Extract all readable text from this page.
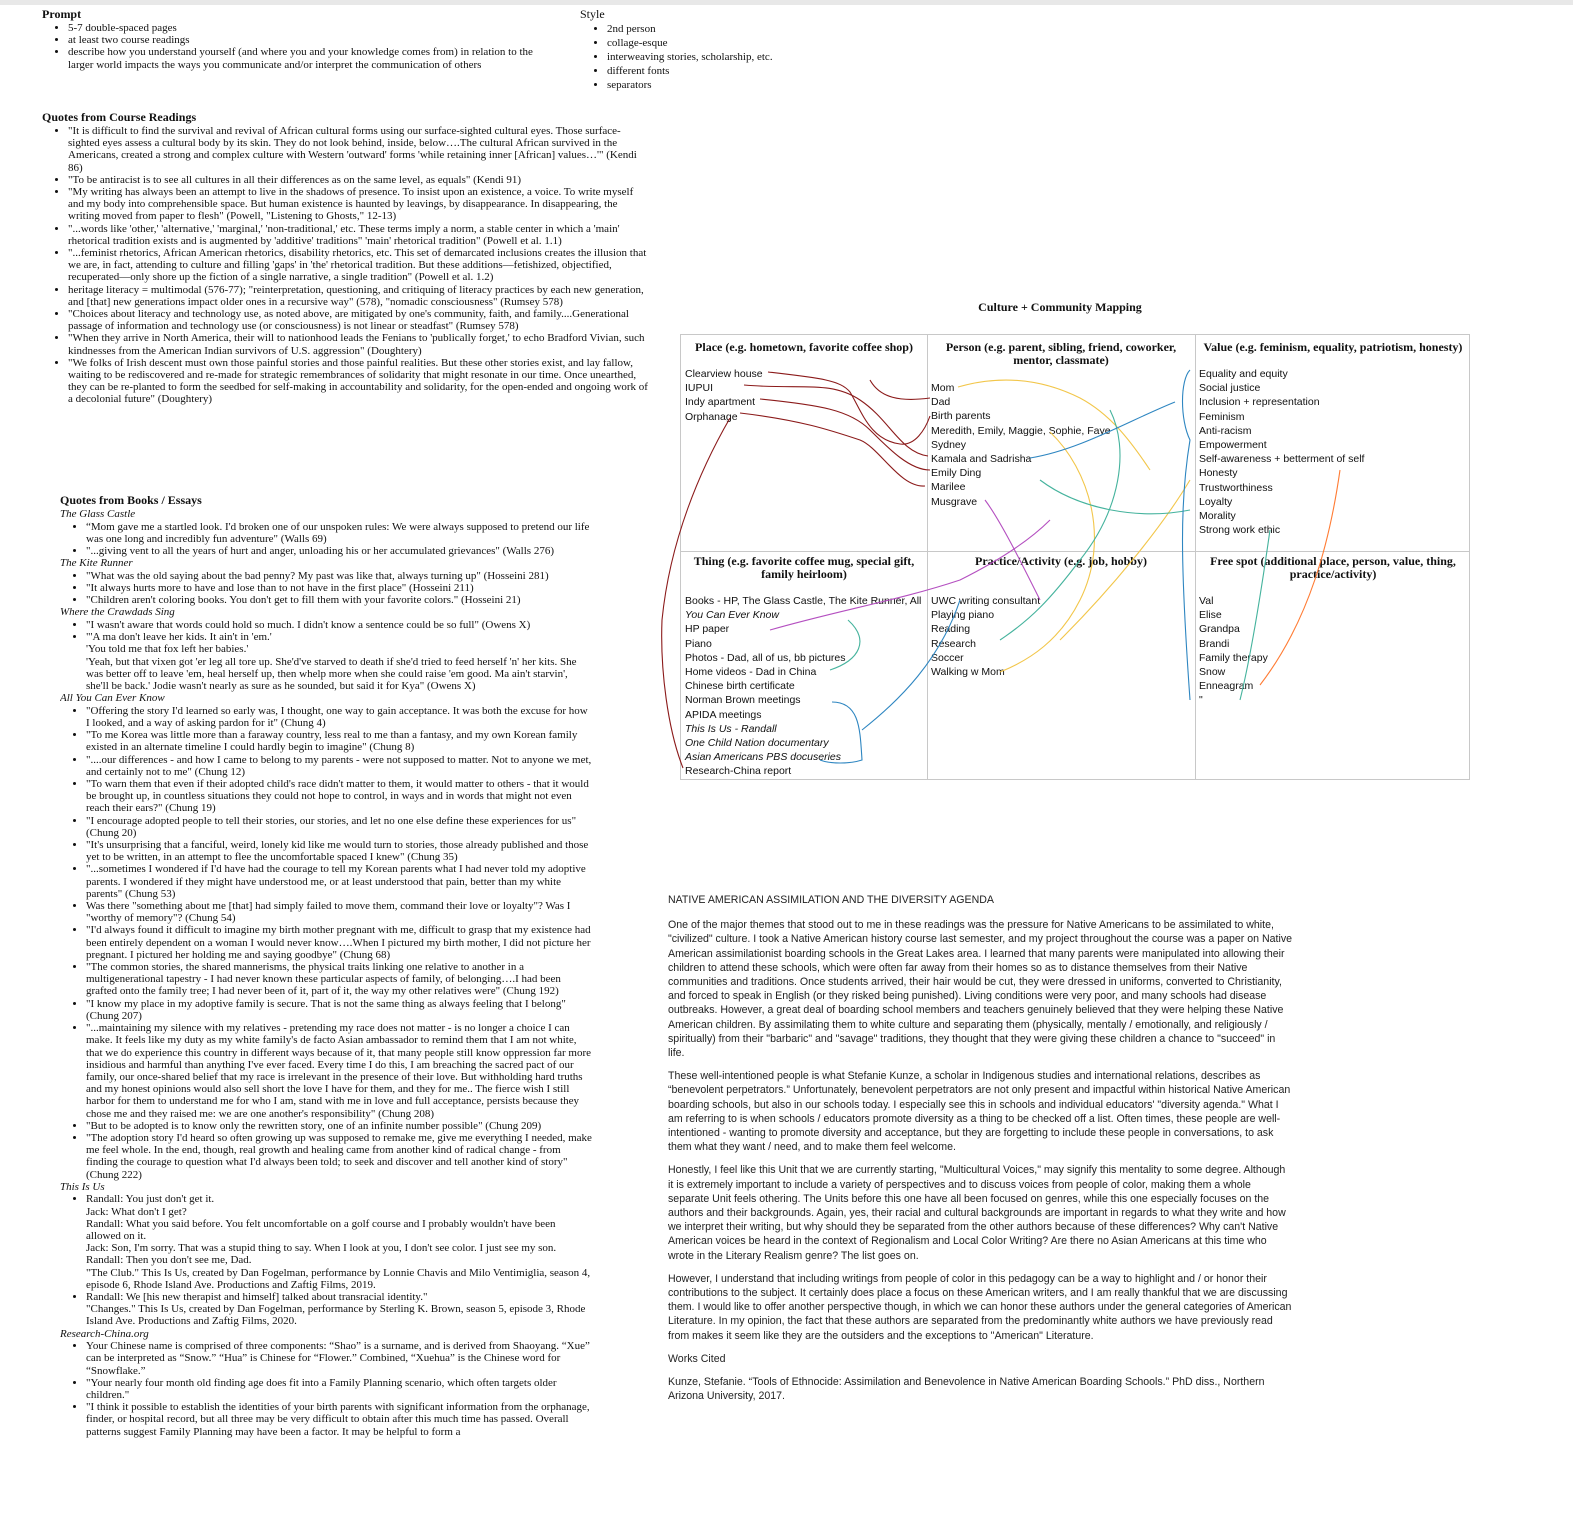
Prompt
• 5-7 double-spaced pages
• at least two course readings
• describe how you understand yourself (and where you and your knowledge comes from) in relation to the larger world impacts the ways you communicate and/or interpret the communication of others
Style
• 2nd person
• collage-esque
• interweaving stories, scholarship, etc.
• different fonts
• separators
Quotes from Course Readings
• "It is difficult to find the survival and revival of African cultural forms using our surface-sighted cultural eyes. Those surface-sighted eyes assess a cultural body by its skin. They do not look behind, inside, below….The cultural African survived in the Americans, created a strong and complex culture with Western 'outward' forms 'while retaining inner [African] values…'" (Kendi 86)
• "To be antiracist is to see all cultures in all their differences as on the same level, as equals" (Kendi 91)
• "My writing has always been an attempt to live in the shadows of presence. To insist upon an existence, a voice. To write myself and my body into comprehensible space. But human existence is haunted by leavings, by disappearance. In disappearing, the writing moved from paper to flesh" (Powell, "Listening to Ghosts," 12-13)
• "...words like 'other,' 'alternative,' 'marginal,' 'non-traditional,' etc. These terms imply a norm, a stable center in which a 'main' rhetorical tradition exists and is augmented by 'additive' traditions" 'main' rhetorical tradition" (Powell et al. 1.1)
• "...feminist rhetorics, African American rhetorics, disability rhetorics, etc. This set of demarcated inclusions creates the illusion that we are, in fact, attending to culture and filling 'gaps' in 'the' rhetorical tradition. But these additions—fetishized, objectified, recuperated—only shore up the fiction of a single narrative, a single tradition" (Powell et al. 1.2)
• heritage literacy = multimodal (576-77); "reinterpretation, questioning, and critiquing of literacy practices by each new generation, and [that] new generations impact older ones in a recursive way" (578), "nomadic consciousness" (Rumsey 578)
• "Choices about literacy and technology use, as noted above, are mitigated by one's community, faith, and family....Generational passage of information and technology use (or consciousness) is not linear or steadfast" (Rumsey 578)
• "When they arrive in North America, their will to nationhood leads the Fenians to 'publically forget,' to echo Bradford Vivian, such kindnesses from the American Indian survivors of U.S. aggression" (Doughtery)
• "We folks of Irish descent must own those painful stories and those painful realities. But these other stories exist, and lay fallow, waiting to be rediscovered and re-made for strategic remembrances of solidarity that might resonate in our time. Once unearthed, they can be re-planted to form the seedbed for self-making in accountability and solidarity, for the open-ended and ongoing work of a decolonial future" (Doughtery)
Quotes from Books / Essays
The Glass Castle
• “Mom gave me a startled look. I'd broken one of our unspoken rules: We were always supposed to pretend our life was one long and incredibly fun adventure" (Walls 69)
• "...giving vent to all the years of hurt and anger, unloading his or her accumulated grievances" (Walls 276)
The Kite Runner
• "What was the old saying about the bad penny? My past was like that, always turning up" (Hosseini 281)
• "It always hurts more to have and lose than to not have in the first place" (Hosseini 211)
• "Children aren't coloring books. You don't get to fill them with your favorite colors." (Hosseini 21)
Where the Crawdads Sing
• "I wasn't aware that words could hold so much. I didn't know a sentence could be so full" (Owens X)
• "'A ma don't leave her kids. It ain't in 'em.'
'You told me that fox left her babies.'
'Yeah, but that vixen got 'er leg all tore up. She'd've starved to death if she'd tried to feed herself 'n' her kits. She was better off to leave 'em, heal herself up, then whelp more when she could raise 'em good. Ma ain't starvin', she'll be back.' Jodie wasn't nearly as sure as he sounded, but said it for Kya" (Owens X)
All You Can Ever Know
• "Offering the story I'd learned so early was, I thought, one way to gain acceptance. It was both the excuse for how I looked, and a way of asking pardon for it" (Chung 4)
• "To me Korea was little more than a faraway country, less real to me than a fantasy, and my own Korean family existed in an alternate timeline I could hardly begin to imagine" (Chung 8)
• "....our differences - and how I came to belong to my parents - were not supposed to matter. Not to anyone we met, and certainly not to me" (Chung 12)
• "To warn them that even if their adopted child's race didn't matter to them, it would matter to others - that it would be brought up, in countless situations they could not hope to control, in ways and in words that might not even reach their ears?" (Chung 19)
• "I encourage adopted people to tell their stories, our stories, and let no one else define these experiences for us" (Chung 20)
• "It's unsurprising that a fanciful, weird, lonely kid like me would turn to stories, those already published and those yet to be written, in an attempt to flee the uncomfortable spaced I knew" (Chung 35)
• "...sometimes I wondered if I'd have had the courage to tell my Korean parents what I had never told my adoptive parents. I wondered if they might have understood me, or at least understood that pain, better than my white parents" (Chung 53)
• Was there "something about me [that] had simply failed to move them, command their love or loyalty"? Was I "worthy of memory"? (Chung 54)
• "I'd always found it difficult to imagine my birth mother pregnant with me, difficult to grasp that my existence had been entirely dependent on a woman I would never know….When I pictured my birth mother, I did not picture her pregnant. I pictured her holding me and saying goodbye" (Chung 68)
• "The common stories, the shared mannerisms, the physical traits linking one relative to another in a multigenerational tapestry - I had never known these particular aspects of family, of belonging….I had been grafted onto the family tree; I had never been of it, part of it, the way my other relatives were" (Chung 192)
• "I know my place in my adoptive family is secure. That is not the same thing as always feeling that I belong" (Chung 207)
• "...maintaining my silence with my relatives - pretending my race does not matter - is no longer a choice I can make. It feels like my duty as my white family's de facto Asian ambassador to remind them that I am not white, that we do experience this country in different ways because of it, that many people still know oppression far more insidious and harmful than anything I've ever faced. Every time I do this, I am breaching the sacred pact of our family, our once-shared belief that my race is irrelevant in the presence of their love. But withholding hard truths and my honest opinions would also sell short the love I have for them, and they for me.. The fierce wish I still harbor for them to understand me for who I am, stand with me in love and full acceptance, persists because they chose me and they raised me: we are one another's responsibility" (Chung 208)
• "But to be adopted is to know only the rewritten story, one of an infinite number possible" (Chung 209)
• "The adoption story I'd heard so often growing up was supposed to remake me, give me everything I needed, make me feel whole. In the end, though, real growth and healing came from another kind of radical change - from finding the courage to question what I'd always been told; to seek and discover and tell another kind of story" (Chung 222)
This Is Us
• Randall: You just don't get it.
Jack: What don't I get?
Randall: What you said before. You felt uncomfortable on a golf course and I probably wouldn't have been allowed on it.
Jack: Son, I'm sorry. That was a stupid thing to say. When I look at you, I don't see color. I just see my son.
Randall: Then you don't see me, Dad.
"The Club." This Is Us, created by Dan Fogelman, performance by Lonnie Chavis and Milo Ventimiglia, season 4, episode 6, Rhode Island Ave. Productions and Zaftig Films, 2019.
• Randall: We [his new therapist and himself] talked about transracial identity."
"Changes." This Is Us, created by Dan Fogelman, performance by Sterling K. Brown, season 5, episode 3, Rhode Island Ave. Productions and Zaftig Films, 2020.
Research-China.org
• Your Chinese name is comprised of three components: “Shao” is a surname, and is derived from Shaoyang. “Xue” can be interpreted as “Snow.” “Hua” is Chinese for “Flower.” Combined, “Xuehua” is the Chinese word for “Snowflake.”
• "Your nearly four month old finding age does fit into a Family Planning scenario, which often targets older children."
• "I think it possible to establish the identities of your birth parents with significant information from the orphanage, finder, or hospital record, but all three may be very difficult to obtain after this much time has passed. Overall patterns suggest Family Planning may have been a factor. It may be helpful to form a
Culture + Community Mapping
Place (e.g. hometown, favorite coffee shop)
Clearview house
IUPUI
Indy apartment
Orphanage
Person (e.g. parent, sibling, friend, coworker, mentor, classmate)
Mom
Dad
Birth parents
Meredith, Emily, Maggie, Sophie, Faye
Sydney
Kamala and Sadrisha
Emily Ding
Marilee
Musgrave
Value (e.g. feminism, equality, patriotism, honesty)
Equality and equity
Social justice
Inclusion + representation
Feminism
Anti-racism
Empowerment
Self-awareness + betterment of self
Honesty
Trustworthiness
Loyalty
Morality
Strong work ethic
Thing (e.g. favorite coffee mug, special gift, family heirloom)
Books - HP, The Glass Castle, The Kite Runner, All
You Can Ever Know
HP paper
Piano
Photos - Dad, all of us, bb pictures
Home videos - Dad in China
Chinese birth certificate
Norman Brown meetings
APIDA meetings
This Is Us - Randall
One Child Nation documentary
Asian Americans PBS docuseries
Research-China report
Practice/Activity (e.g. job, hobby)
UWC writing consultant
Playing piano
Reading
Research
Soccer
Walking w Mom
Free spot (additional place, person, value, thing, practice/activity)
Val
Elise
Grandpa
Brandi
Family therapy
Snow
Enneagram
"

NATIVE AMERICAN ASSIMILATION AND THE DIVERSITY AGENDA

One of the major themes that stood out to me in these readings was the pressure for Native Americans to be assimilated to white, "civilized" culture. I took a Native American history course last semester, and my project throughout the course was a paper on Native American assimilationist boarding schools in the Great Lakes area. I learned that many parents were manipulated into allowing their children to attend these schools, which were often far away from their homes so as to distance themselves from their Native communities and traditions. Once students arrived, their hair would be cut, they were dressed in uniforms, converted to Christianity, and forced to speak in English (or they risked being punished). Living conditions were very poor, and many schools had disease outbreaks. However, a great deal of boarding school members and teachers genuinely believed that they were helping these Native American children. By assimilating them to white culture and separating them (physically, mentally / emotionally, and religiously / spiritually) from their "barbaric" and "savage" traditions, they thought that they were giving these children a chance to "succeed" in life.

These well-intentioned people is what Stefanie Kunze, a scholar in Indigenous studies and international relations, describes as “benevolent perpetrators.” Unfortunately, benevolent perpetrators are not only present and impactful within historical Native American boarding schools, but also in our schools today. I especially see this in schools and individual educators' "diversity agenda." What I am referring to is when schools / educators promote diversity as a thing to be checked off a list. Often times, these people are well-intentioned - wanting to promote diversity and acceptance, but they are forgetting to include these people in conversations, to ask them what they want / need, and to make them feel welcome.

Honestly, I feel like this Unit that we are currently starting, "Multicultural Voices," may signify this mentality to some degree. Although it is extremely important to include a variety of perspectives and to discuss voices from people of color, making them a whole separate Unit feels othering. The Units before this one have all been focused on genres, while this one especially focuses on the authors and their backgrounds. Again, yes, their racial and cultural backgrounds are important in regards to what they write and how we interpret their writing, but why should they be separated from the other authors because of these differences? Why can't Native American voices be heard in the context of Regionalism and Local Color Writing? Are there no Asian Americans at this time who wrote in the Literary Realism genre? The list goes on.

However, I understand that including writings from people of color in this pedagogy can be a way to highlight and / or honor their contributions to the subject. It certainly does place a focus on these American writers, and I am really thankful that we are discussing them. I would like to offer another perspective though, in which we can honor these authors under the general categories of American Literature. In my opinion, the fact that these authors are separated from the predominantly white authors we have previously read from makes it seem like they are the outsiders and the exceptions to "American" Literature.

Works Cited

Kunze, Stefanie. “Tools of Ethnocide: Assimilation and Benevolence in Native American Boarding Schools.” PhD diss., Northern Arizona University, 2017.
